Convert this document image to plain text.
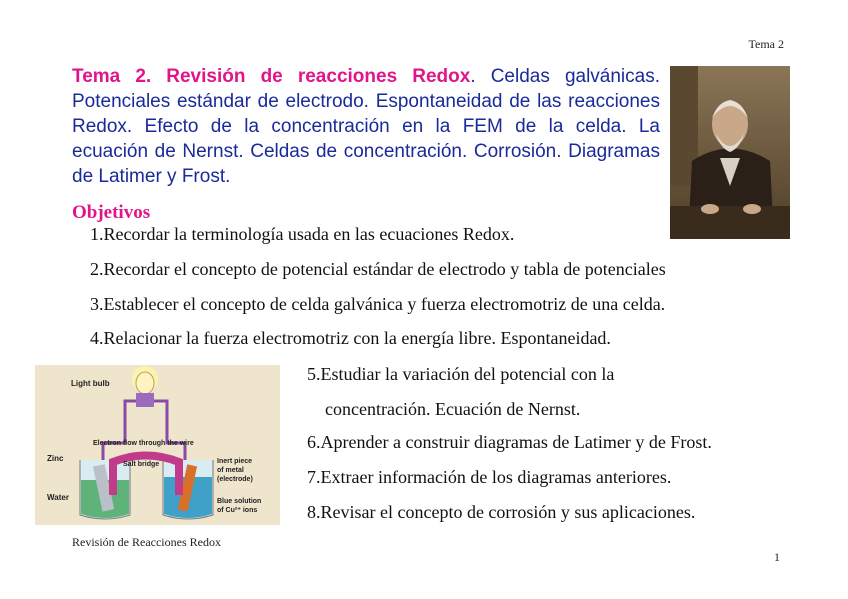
Tema 2
Tema 2. Revisión de reacciones Redox. Celdas galvánicas. Potenciales estándar de electrodo. Espontaneidad de las reacciones Redox. Efecto de la concentración en la FEM de la celda. La ecuación de Nernst. Celdas de concentración. Corrosión. Diagramas de Latimer y Frost.
Objetivos
1.Recordar la terminología usada en las ecuaciones Redox.
2.Recordar el concepto de potencial estándar de electrodo y tabla de potenciales
3.Establecer el concepto de celda galvánica y fuerza electromotriz de una celda.
4.Relacionar la fuerza electromotriz con la energía libre. Espontaneidad.
5.Estudiar la variación del potencial con la
concentración. Ecuación de Nernst.
6.Aprender a construir diagramas de Latimer y de Frost.
7.Extraer información de los diagramas anteriores.
8.Revisar el concepto de corrosión y sus aplicaciones.
Light bulb
Electron flow through the wire
Zinc
Salt bridge	Inert piece
of metal
(electrode)
Water	Blue solution
of Cu²⁺ ions
Revisión de Reacciones Redox
1
